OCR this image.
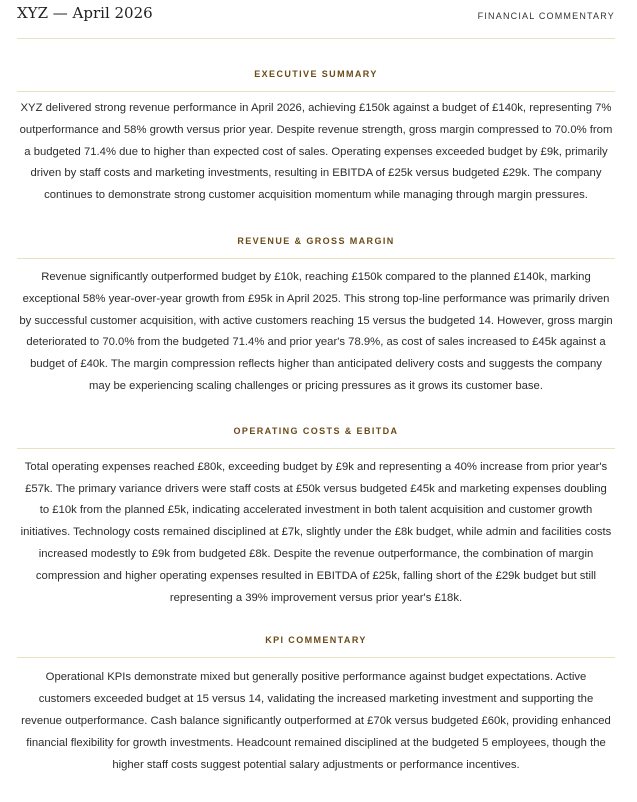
XYZ — April 2026	FINANCIAL COMMENTARY
EXECUTIVE SUMMARY

XYZ delivered strong revenue performance in April 2026, achieving £150k against a budget of £140k, representing 7% outperformance and 58% growth versus prior year. Despite revenue strength, gross margin compressed to 70.0% from a budgeted 71.4% due to higher than expected cost of sales. Operating expenses exceeded budget by £9k, primarily driven by staff costs and marketing investments, resulting in EBITDA of £25k versus budgeted £29k. The company continues to demonstrate strong customer acquisition momentum while managing through margin pressures.

REVENUE & GROSS MARGIN

Revenue significantly outperformed budget by £10k, reaching £150k compared to the planned £140k, marking exceptional 58% year-over-year growth from £95k in April 2025. This strong top-line performance was primarily driven by successful customer acquisition, with active customers reaching 15 versus the budgeted 14. However, gross margin deteriorated to 70.0% from the budgeted 71.4% and prior year's 78.9%, as cost of sales increased to £45k against a budget of £40k. The margin compression reflects higher than anticipated delivery costs and suggests the company may be experiencing scaling challenges or pricing pressures as it grows its customer base.

OPERATING COSTS & EBITDA

Total operating expenses reached £80k, exceeding budget by £9k and representing a 40% increase from prior year's £57k. The primary variance drivers were staff costs at £50k versus budgeted £45k and marketing expenses doubling to £10k from the planned £5k, indicating accelerated investment in both talent acquisition and customer growth initiatives. Technology costs remained disciplined at £7k, slightly under the £8k budget, while admin and facilities costs increased modestly to £9k from budgeted £8k. Despite the revenue outperformance, the combination of margin compression and higher operating expenses resulted in EBITDA of £25k, falling short of the £29k budget but still representing a 39% improvement versus prior year's £18k.

KPI COMMENTARY

Operational KPIs demonstrate mixed but generally positive performance against budget expectations. Active customers exceeded budget at 15 versus 14, validating the increased marketing investment and supporting the revenue outperformance. Cash balance significantly outperformed at £70k versus budgeted £60k, providing enhanced financial flexibility for growth investments. Headcount remained disciplined at the budgeted 5 employees, though the higher staff costs suggest potential salary adjustments or performance incentives.
